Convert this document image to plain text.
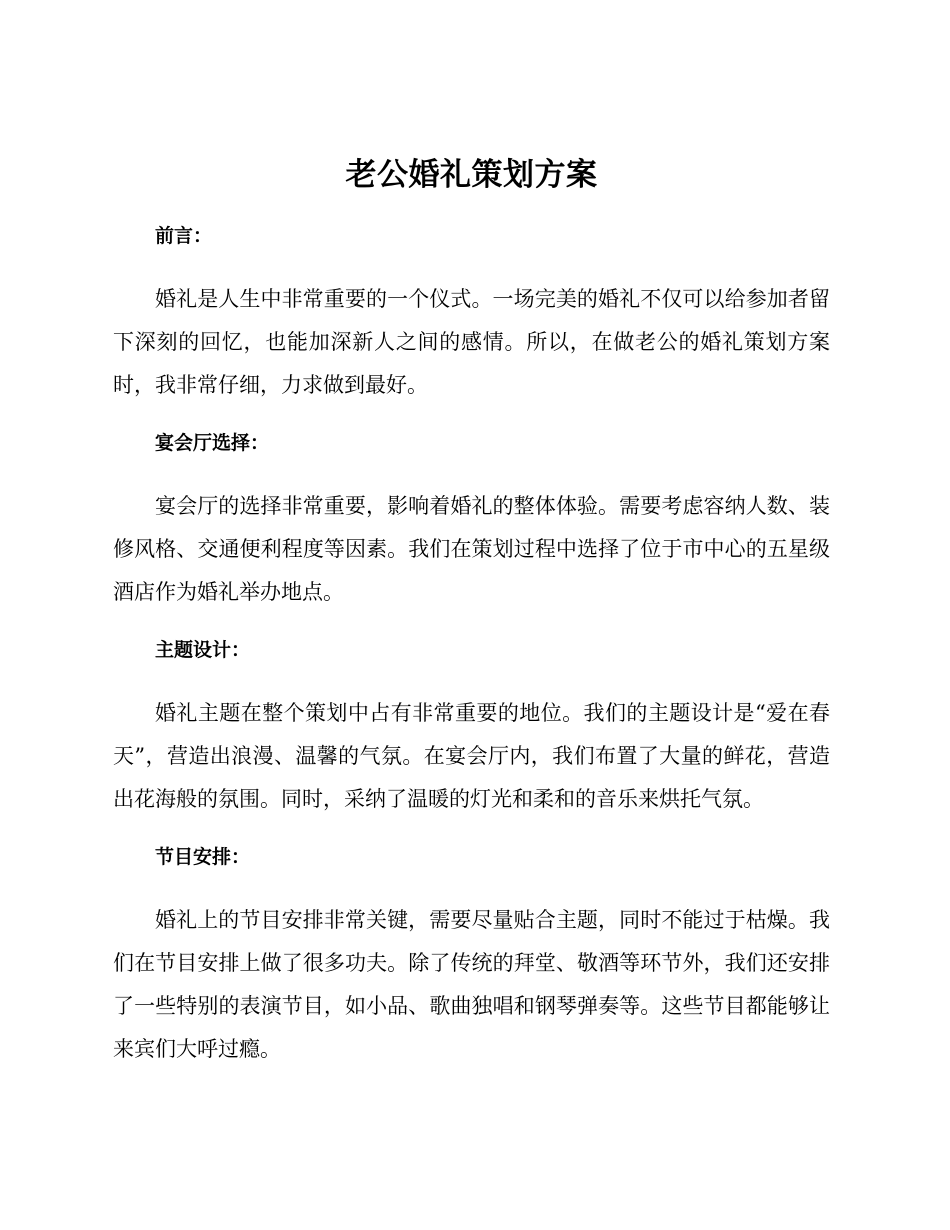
老公婚礼策划方案
前言：

婚礼是人生中非常重要的一个仪式。一场完美的婚礼不仅可以给参加者留下深刻的回忆，也能加深新人之间的感情。所以，在做老公的婚礼策划方案时，我非常仔细，力求做到最好。

宴会厅选择：

宴会厅的选择非常重要，影响着婚礼的整体体验。需要考虑容纳人数、装修风格、交通便利程度等因素。我们在策划过程中选择了位于市中心的五星级酒店作为婚礼举办地点。

主题设计：

婚礼主题在整个策划中占有非常重要的地位。我们的主题设计是“爱在春天”，营造出浪漫、温馨的气氛。在宴会厅内，我们布置了大量的鲜花，营造出花海般的氛围。同时，采纳了温暖的灯光和柔和的音乐来烘托气氛。

节目安排：

婚礼上的节目安排非常关键，需要尽量贴合主题，同时不能过于枯燥。我们在节目安排上做了很多功夫。除了传统的拜堂、敬酒等环节外，我们还安排了一些特别的表演节目，如小品、歌曲独唱和钢琴弹奏等。这些节目都能够让来宾们大呼过瘾。
